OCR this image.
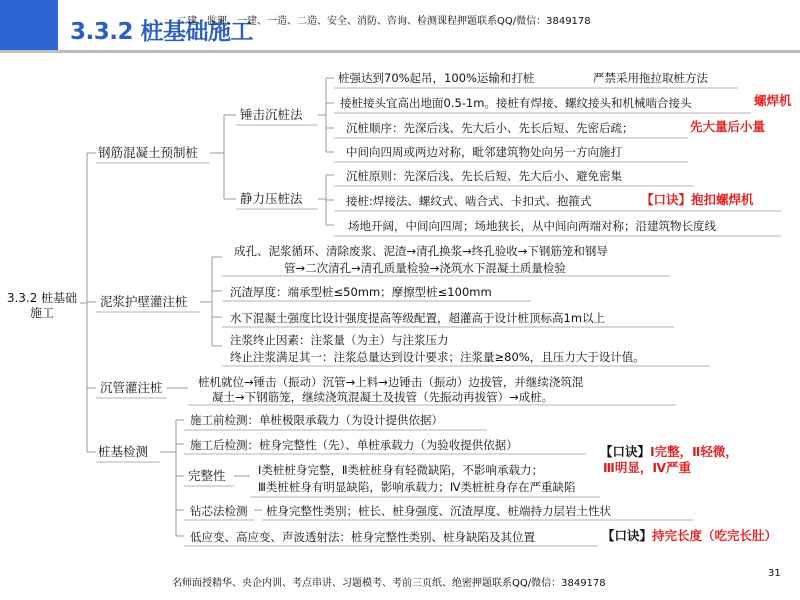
3.3.2 桩基础施工
二建、监理、一建、一造、二造、安全、消防、咨询、检测课程押题联系QQ/微信：3849178
3.3.2 桩基础施工
钢筋混凝土预制桩
锤击沉桩法
桩强达到70%起吊，100%运输和打桩	严禁采用拖拉取桩方法
接桩接头宜高出地面0.5-1m。接桩有焊接、螺纹接头和机械啮合接头	螺焊机
沉桩顺序：先深后浅、先大后小、先长后短、先密后疏；	先大量后小量
中间向四周或两边对称，毗邻建筑物处向另一方向施打
静力压桩法
沉桩原则：先深后浅、先长后短、先大后小、避免密集
接桩:焊接法、螺纹式、啮合式、卡扣式、抱箍式	【口诀】抱扣螺焊机
场地开阔，中间向四周；场地狭长，从中间向两端对称；沿建筑物长度线
泥浆护壁灌注桩
成孔、泥浆循环、清除废浆、泥渣→清孔换浆→终孔验收→下钢筋笼和钢导
管→二次清孔→清孔质量检验→浇筑水下混凝土质量检验
沉渣厚度：端承型桩≤50mm；摩擦型桩≤100mm
水下混凝土强度比设计强度提高等级配置，超灌高于设计桩顶标高1m以上
注浆终止因素：注浆量（为主）与注浆压力
终止注浆满足其一：注浆总量达到设计要求；注浆量≥80%，且压力大于设计值。
沉管灌注桩	桩机就位→锤击（振动）沉管→上料→边锤击（振动）边拔管，并继续浇筑混
凝土→下钢筋笼，继续浇筑混凝土及拔管（先振动再拔管）→成桩。
桩基检测
施工前检测：单桩极限承载力（为设计提供依据）
施工后检测：桩身完整性（先）、单桩承载力（为验收提供依据）
完整性	Ⅰ类桩桩身完整，Ⅱ类桩桩身有轻微缺陷，不影响承载力；
Ⅲ类桩桩身有明显缺陷，影响承载力；Ⅳ类桩桩身存在严重缺陷
【口诀】Ⅰ完整，Ⅱ轻微，
Ⅲ明显，Ⅳ严重
钻芯法检测 桩身完整性类别；桩长、桩身强度、沉渣厚度、桩端持力层岩土性状
低应变、高应变、声波透射法：桩身完整性类别、桩身缺陷及其位置	【口诀】持完长度（吃完长肚）
名师面授精华、央企内训、考点串讲、习题模考、考前三页纸、绝密押题联系QQ/微信：3849178
31
